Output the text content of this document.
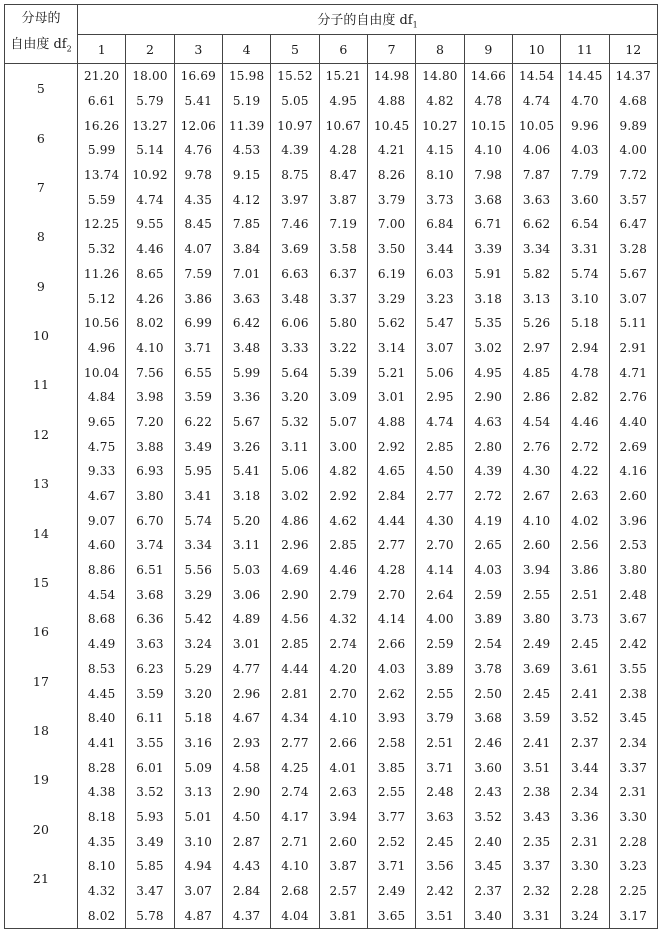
分母的
自由度 $df_2$	分子的自由度 $df_1$
	1	2	3	4	5	6	7	8	9	10	11	12
5	21.20	18.00	16.69	15.98	15.52	15.21	14.98	14.80	14.66	14.54	14.45	14.37
	6.61	5.79	5.41	5.19	5.05	4.95	4.88	4.82	4.78	4.74	4.70	4.68
6	16.26	13.27	12.06	11.39	10.97	10.67	10.45	10.27	10.15	10.05	9.96	9.89
	5.99	5.14	4.76	4.53	4.39	4.28	4.21	4.15	4.10	4.06	4.03	4.00
7	13.74	10.92	9.78	9.15	8.75	8.47	8.26	8.10	7.98	7.87	7.79	7.72
	5.59	4.74	4.35	4.12	3.97	3.87	3.79	3.73	3.68	3.63	3.60	3.57
8	12.25	9.55	8.45	7.85	7.46	7.19	7.00	6.84	6.71	6.62	6.54	6.47
	5.32	4.46	4.07	3.84	3.69	3.58	3.50	3.44	3.39	3.34	3.31	3.28
9	11.26	8.65	7.59	7.01	6.63	6.37	6.19	6.03	5.91	5.82	5.74	5.67
	5.12	4.26	3.86	3.63	3.48	3.37	3.29	3.23	3.18	3.13	3.10	3.07
10	10.56	8.02	6.99	6.42	6.06	5.80	5.62	5.47	5.35	5.26	5.18	5.11
	4.96	4.10	3.71	3.48	3.33	3.22	3.14	3.07	3.02	2.97	2.94	2.91
11	10.04	7.56	6.55	5.99	5.64	5.39	5.21	5.06	4.95	4.85	4.78	4.71
	4.84	3.98	3.59	3.36	3.20	3.09	3.01	2.95	2.90	2.86	2.82	2.76
12	9.65	7.20	6.22	5.67	5.32	5.07	4.88	4.74	4.63	4.54	4.46	4.40
	4.75	3.88	3.49	3.26	3.11	3.00	2.92	2.85	2.80	2.76	2.72	2.69
13	9.33	6.93	5.95	5.41	5.06	4.82	4.65	4.50	4.39	4.30	4.22	4.16
	4.67	3.80	3.41	3.18	3.02	2.92	2.84	2.77	2.72	2.67	2.63	2.60
14	9.07	6.70	5.74	5.20	4.86	4.62	4.44	4.30	4.19	4.10	4.02	3.96
	4.60	3.74	3.34	3.11	2.96	2.85	2.77	2.70	2.65	2.60	2.56	2.53
15	8.86	6.51	5.56	5.03	4.69	4.46	4.28	4.14	4.03	3.94	3.86	3.80
	4.54	3.68	3.29	3.06	2.90	2.79	2.70	2.64	2.59	2.55	2.51	2.48
16	8.68	6.36	5.42	4.89	4.56	4.32	4.14	4.00	3.89	3.80	3.73	3.67
	4.49	3.63	3.24	3.01	2.85	2.74	2.66	2.59	2.54	2.49	2.45	2.42
17	8.53	6.23	5.29	4.77	4.44	4.20	4.03	3.89	3.78	3.69	3.61	3.55
	4.45	3.59	3.20	2.96	2.81	2.70	2.62	2.55	2.50	2.45	2.41	2.38
18	8.40	6.11	5.18	4.67	4.34	4.10	3.93	3.79	3.68	3.59	3.52	3.45
	4.41	3.55	3.16	2.93	2.77	2.66	2.58	2.51	2.46	2.41	2.37	2.34
19	8.28	6.01	5.09	4.58	4.25	4.01	3.85	3.71	3.60	3.51	3.44	3.37
	4.38	3.52	3.13	2.90	2.74	2.63	2.55	2.48	2.43	2.38	2.34	2.31
20	8.18	5.93	5.01	4.50	4.17	3.94	3.77	3.63	3.52	3.43	3.36	3.30
	4.35	3.49	3.10	2.87	2.71	2.60	2.52	2.45	2.40	2.35	2.31	2.28
21	8.10	5.85	4.94	4.43	4.10	3.87	3.71	3.56	3.45	3.37	3.30	3.23
	4.32	3.47	3.07	2.84	2.68	2.57	2.49	2.42	2.37	2.32	2.28	2.25
	8.02	5.78	4.87	4.37	4.04	3.81	3.65	3.51	3.40	3.31	3.24	3.17
